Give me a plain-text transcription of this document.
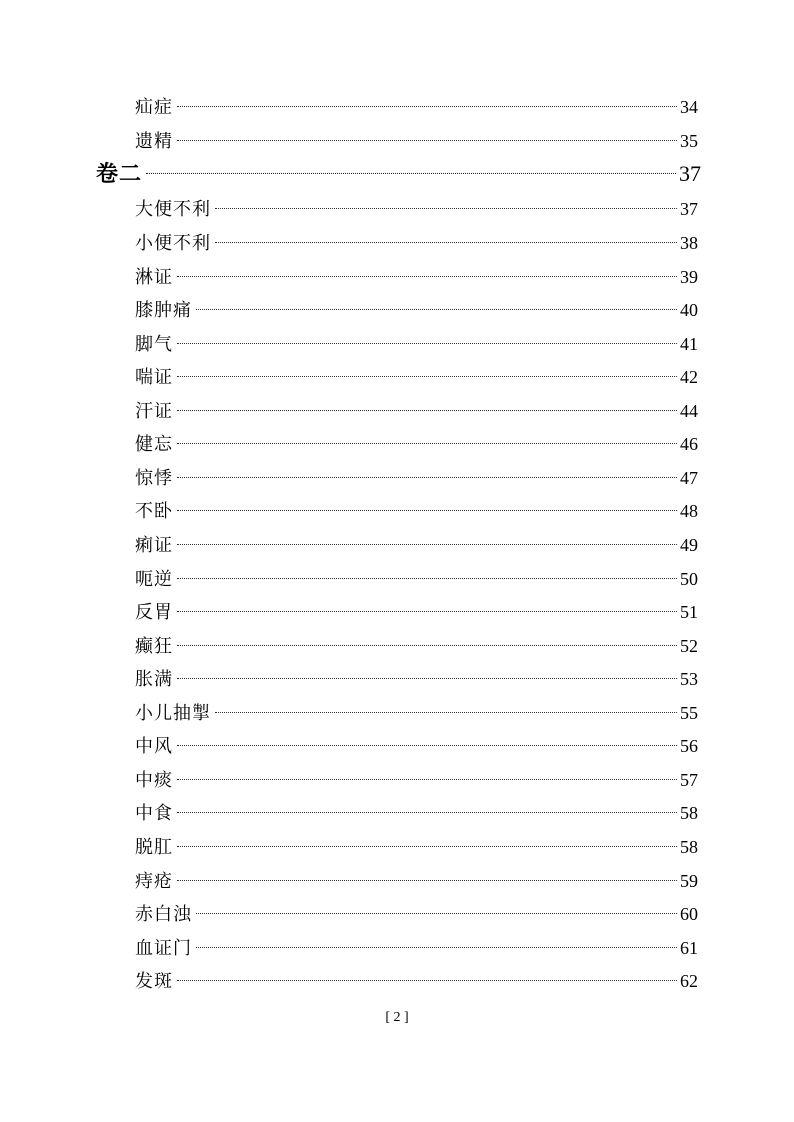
疝症	34
遗精	35
卷二	37
大便不利	37
小便不利	38
淋证	39
膝肿痛	40
脚气	41
喘证	42
汗证	44
健忘	46
惊悸	47
不卧	48
痢证	49
呃逆	50
反胃	51
癫狂	52
胀满	53
小儿抽掣	55
中风	56
中痰	57
中食	58
脱肛	58
痔疮	59
赤白浊	60
血证门	61
发斑	62
[ 2 ]
